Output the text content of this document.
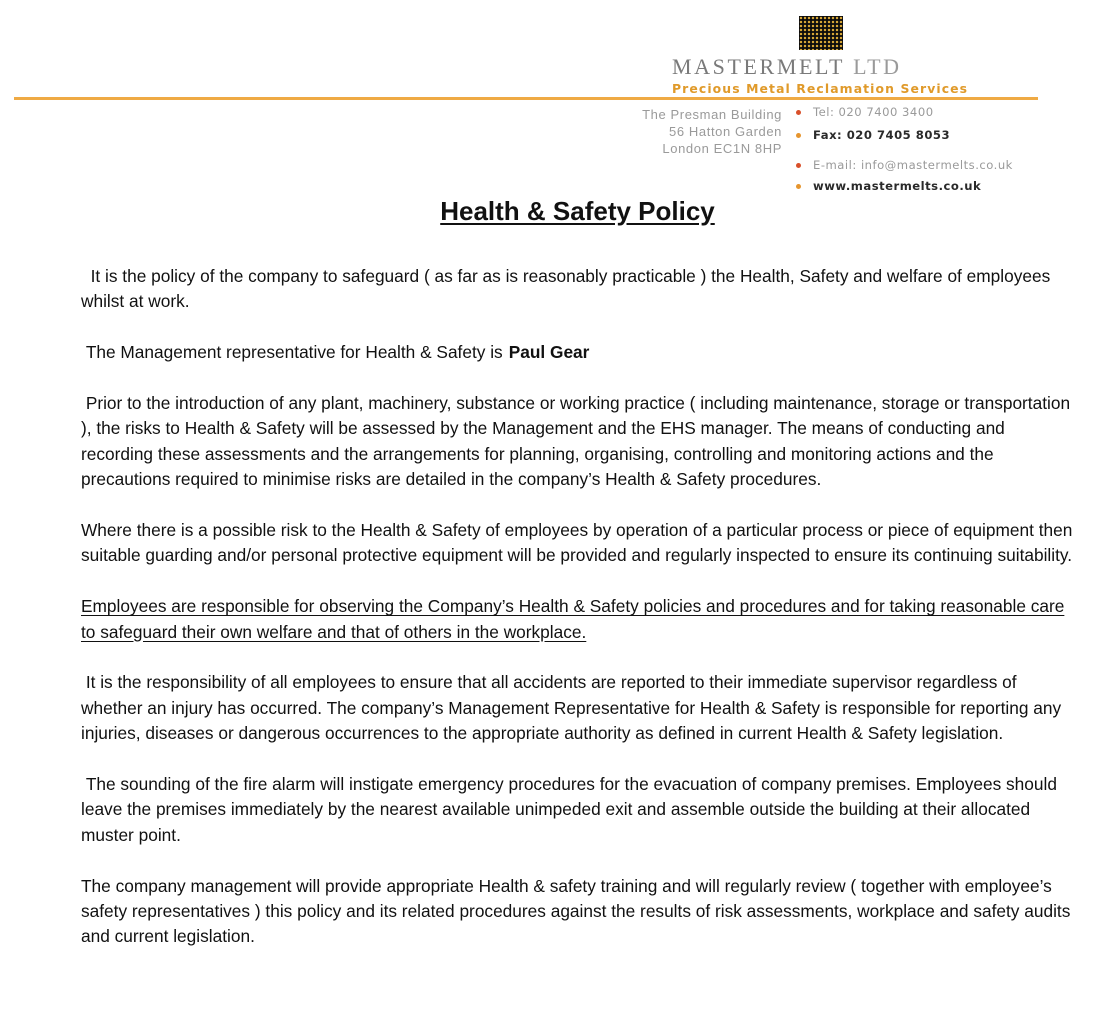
MASTERMELT LTD
Precious Metal Reclamation Services
The Presman Building
56 Hatton Garden
London EC1N 8HP
Tel: 020 7400 3400
Fax: 020 7405 8053
E-mail: info@mastermelts.co.uk
www.mastermelts.co.uk
Health & Safety Policy

It is the policy of the company to safeguard ( as far as is reasonably practicable ) the Health, Safety and welfare of employees whilst at work.

The Management representative for Health & Safety is Paul Gear

Prior to the introduction of any plant, machinery, substance or working practice ( including maintenance, storage or transportation ), the risks to Health & Safety will be assessed by the Management and the EHS manager. The means of conducting and recording these assessments and the arrangements for planning, organising, controlling and monitoring actions and the precautions required to minimise risks are detailed in the company’s Health & Safety procedures.

Where there is a possible risk to the Health & Safety of employees by operation of a particular process or piece of equipment then suitable guarding and/or personal protective equipment will be provided and regularly inspected to ensure its continuing suitability.

Employees are responsible for observing the Company’s Health & Safety policies and procedures and for taking reasonable care to safeguard their own welfare and that of others in the workplace.

It is the responsibility of all employees to ensure that all accidents are reported to their immediate supervisor regardless of whether an injury has occurred. The company’s Management Representative for Health & Safety is responsible for reporting any injuries, diseases or dangerous occurrences to the appropriate authority as defined in current Health & Safety legislation.

The sounding of the fire alarm will instigate emergency procedures for the evacuation of company premises. Employees should leave the premises immediately by the nearest available unimpeded exit and assemble outside the building at their allocated muster point.

The company management will provide appropriate Health & safety training and will regularly review ( together with employee’s safety representatives ) this policy and its related procedures against the results of risk assessments, workplace and safety audits and current legislation.
